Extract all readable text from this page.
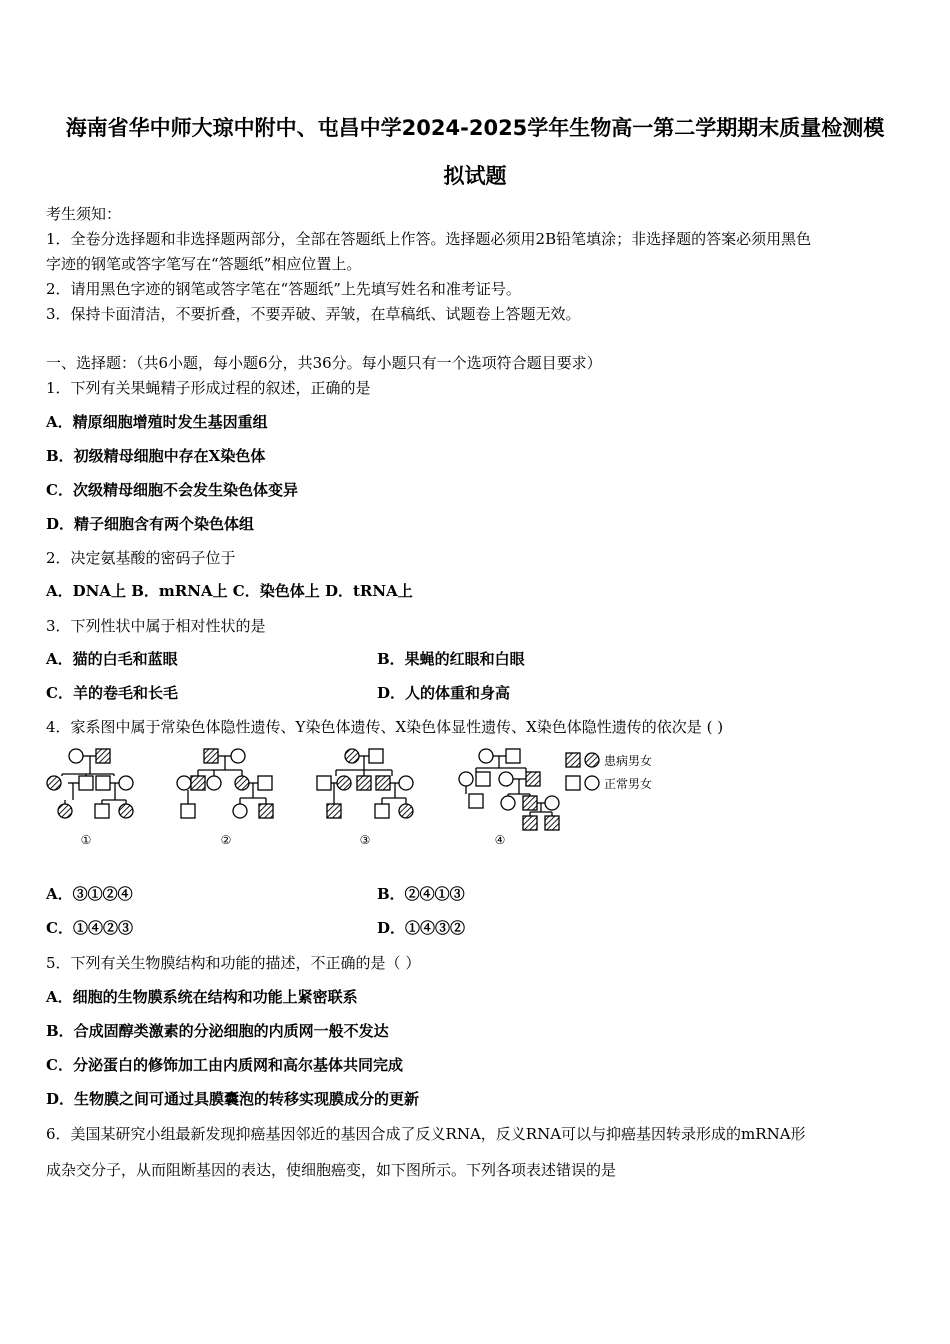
海南省华中师大琼中附中、屯昌中学2024-2025学年生物高一第二学期期末质量检测模
拟试题
考生须知：
1．全卷分选择题和非选择题两部分，全部在答题纸上作答。选择题必须用2B铅笔填涂；非选择题的答案必须用黑色
字迹的钢笔或答字笔写在“答题纸”相应位置上。
2．请用黑色字迹的钢笔或答字笔在“答题纸”上先填写姓名和准考证号。
3．保持卡面清洁，不要折叠，不要弄破、弄皱，在草稿纸、试题卷上答题无效。
一、选择题：（共6小题，每小题6分，共36分。每小题只有一个选项符合题目要求）
1．下列有关果蝇精子形成过程的叙述，正确的是
A．精原细胞增殖时发生基因重组
B．初级精母细胞中存在X染色体
C．次级精母细胞不会发生染色体变异
D．精子细胞含有两个染色体组
2．决定氨基酸的密码子位于
A．DNA上 B．mRNA上 C．染色体上 D．tRNA上
3．下列性状中属于相对性状的是
A．猫的白毛和蓝眼	B．果蝇的红眼和白眼
C．羊的卷毛和长毛	D．人的体重和身高
4．家系图中属于常染色体隐性遗传、Y染色体遗传、X染色体显性遗传、X染色体隐性遗传的依次是 ( )
患病男女
正常男女
①	②	③	④
A．③①②④	B．②④①③
C．①④②③	D．①④③②
5．下列有关生物膜结构和功能的描述，不正确的是（ ）
A．细胞的生物膜系统在结构和功能上紧密联系
B．合成固醇类激素的分泌细胞的内质网一般不发达
C．分泌蛋白的修饰加工由内质网和高尔基体共同完成
D．生物膜之间可通过具膜囊泡的转移实现膜成分的更新
6．美国某研究小组最新发现抑癌基因邻近的基因合成了反义RNA，反义RNA可以与抑癌基因转录形成的mRNA形
成杂交分子，从而阻断基因的表达，使细胞癌变，如下图所示。下列各项表述错误的是
